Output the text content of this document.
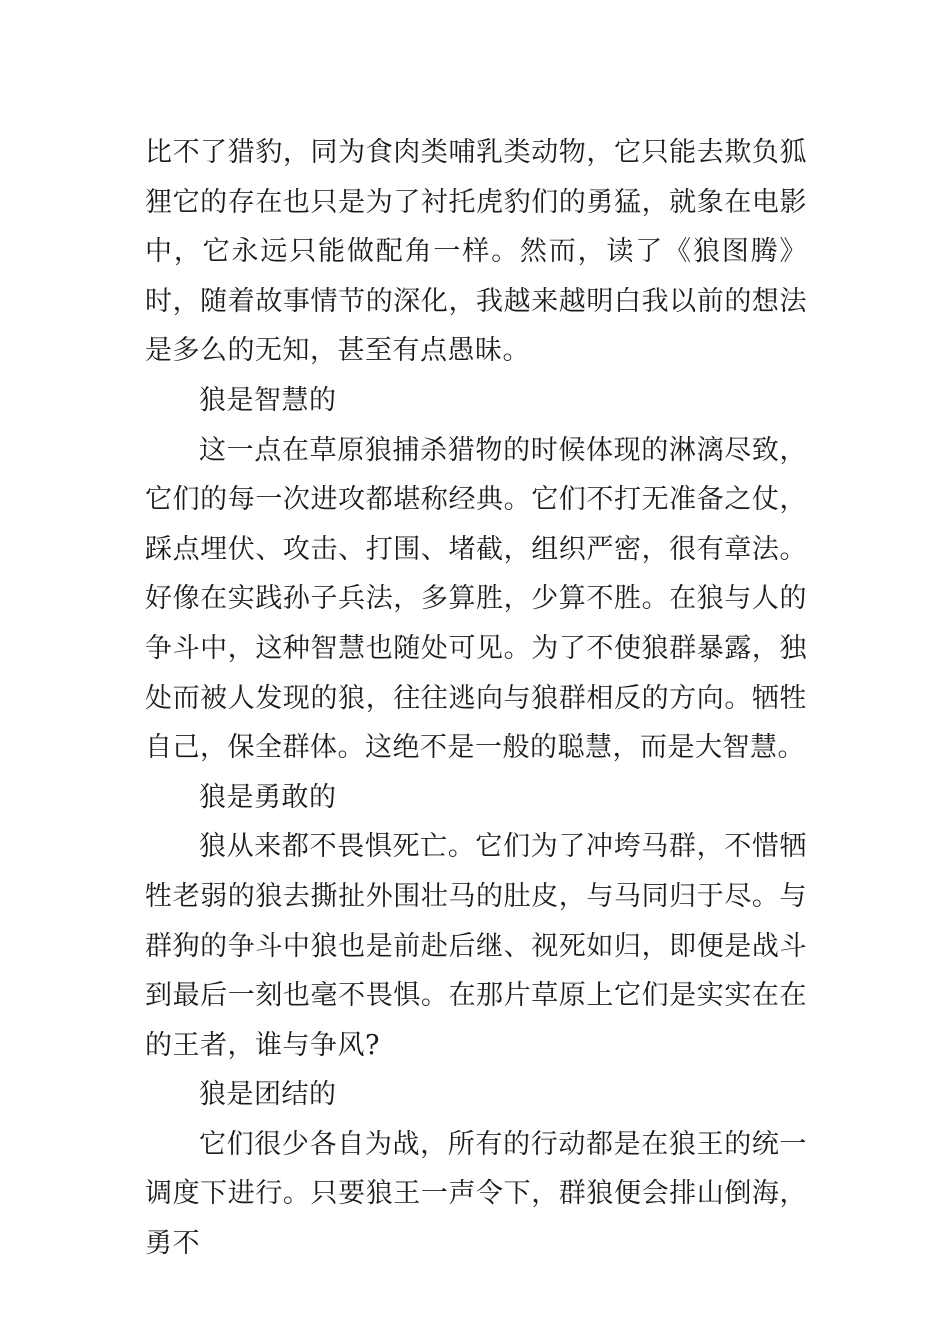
比不了猎豹，同为食肉类哺乳类动物，它只能去欺负狐狸它的存在也只是为了衬托虎豹们的勇猛，就象在电影中，它永远只能做配角一样。然而，读了《狼图腾》时，随着故事情节的深化，我越来越明白我以前的想法是多么的无知，甚至有点愚昧。

狼是智慧的

这一点在草原狼捕杀猎物的时候体现的淋漓尽致，它们的每一次进攻都堪称经典。它们不打无准备之仗，踩点埋伏、攻击、打围、堵截，组织严密，很有章法。好像在实践孙子兵法，多算胜，少算不胜。在狼与人的争斗中，这种智慧也随处可见。为了不使狼群暴露，独处而被人发现的狼，往往逃向与狼群相反的方向。牺牲自己，保全群体。这绝不是一般的聪慧，而是大智慧。

狼是勇敢的

狼从来都不畏惧死亡。它们为了冲垮马群，不惜牺牲老弱的狼去撕扯外围壮马的肚皮，与马同归于尽。与群狗的争斗中狼也是前赴后继、视死如归，即便是战斗到最后一刻也毫不畏惧。在那片草原上它们是实实在在的王者，谁与争风?

狼是团结的

它们很少各自为战，所有的行动都是在狼王的统一调度下进行。只要狼王一声令下，群狼便会排山倒海，勇不
